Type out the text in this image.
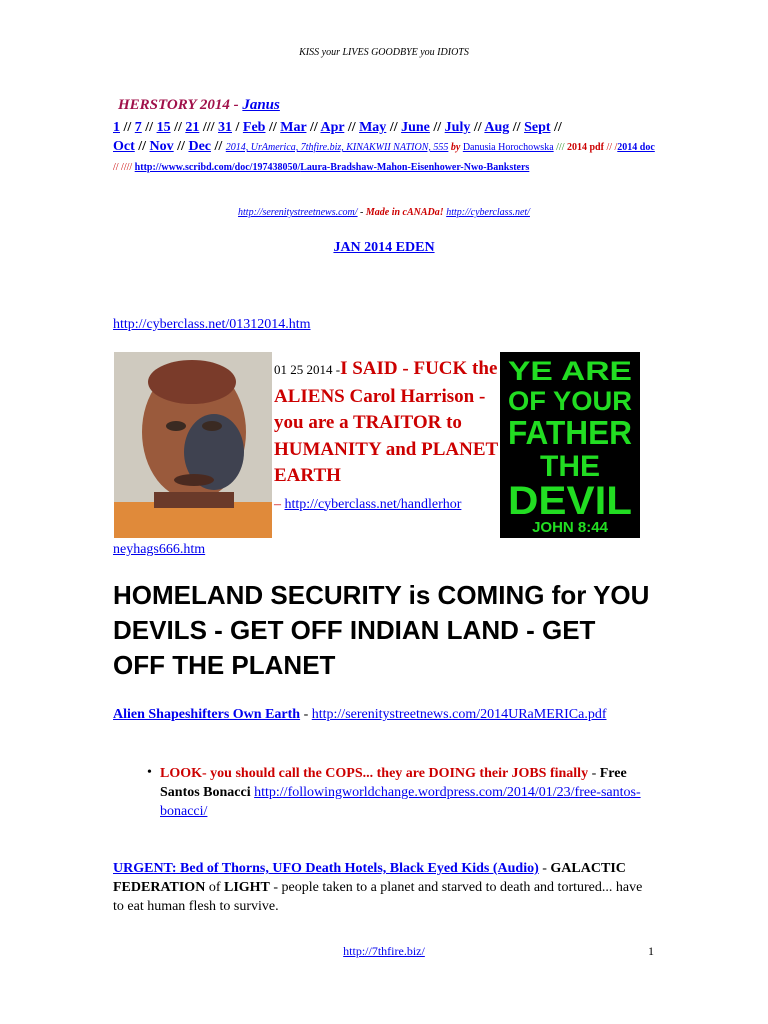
KISS your LIVES GOODBYE you IDIOTS
HERSTORY 2014 - Janus
1 // 7 // 15 // 21 /// 31 / Feb // Mar // Apr // May // June // July // Aug // Sept //
Oct // Nov // Dec // 2014, UrAmerica, 7thfire.biz, KINAKWII NATION, 555 by Danusia Horochowska /// 2014 pdf // /2014 doc // //// http://www.scribd.com/doc/197438050/Laura-Bradshaw-Mahon-Eisenhower-Nwo-Banksters
http://serenitystreetnews.com/ - Made in cANADa! http://cyberclass.net/
JAN 2014 EDEN
http://cyberclass.net/01312014.htm
01 25 2014 -I SAID - FUCK the ALIENS Carol Harrison - you are a TRAITOR to HUMANITY and PLANET EARTH
– http://cyberclass.net/handlerhor
YE ARE
OF YOUR
FATHER
THE
DEVIL
JOHN 8:44
neyhags666.htm
HOMELAND SECURITY is COMING for YOU DEVILS - GET OFF INDIAN LAND - GET OFF THE PLANET
Alien Shapeshifters Own Earth - http://serenitystreetnews.com/2014URaMERICa.pdf
• LOOK- you should call the COPS... they are DOING their JOBS finally - Free Santos Bonacci http://followingworldchange.wordpress.com/2014/01/23/free-santos-bonacci/
URGENT: Bed of Thorns, UFO Death Hotels, Black Eyed Kids (Audio) - GALACTIC FEDERATION of LIGHT - people taken to a planet and starved to death and tortured... have to eat human flesh to survive.
http://7thfire.biz/	1
